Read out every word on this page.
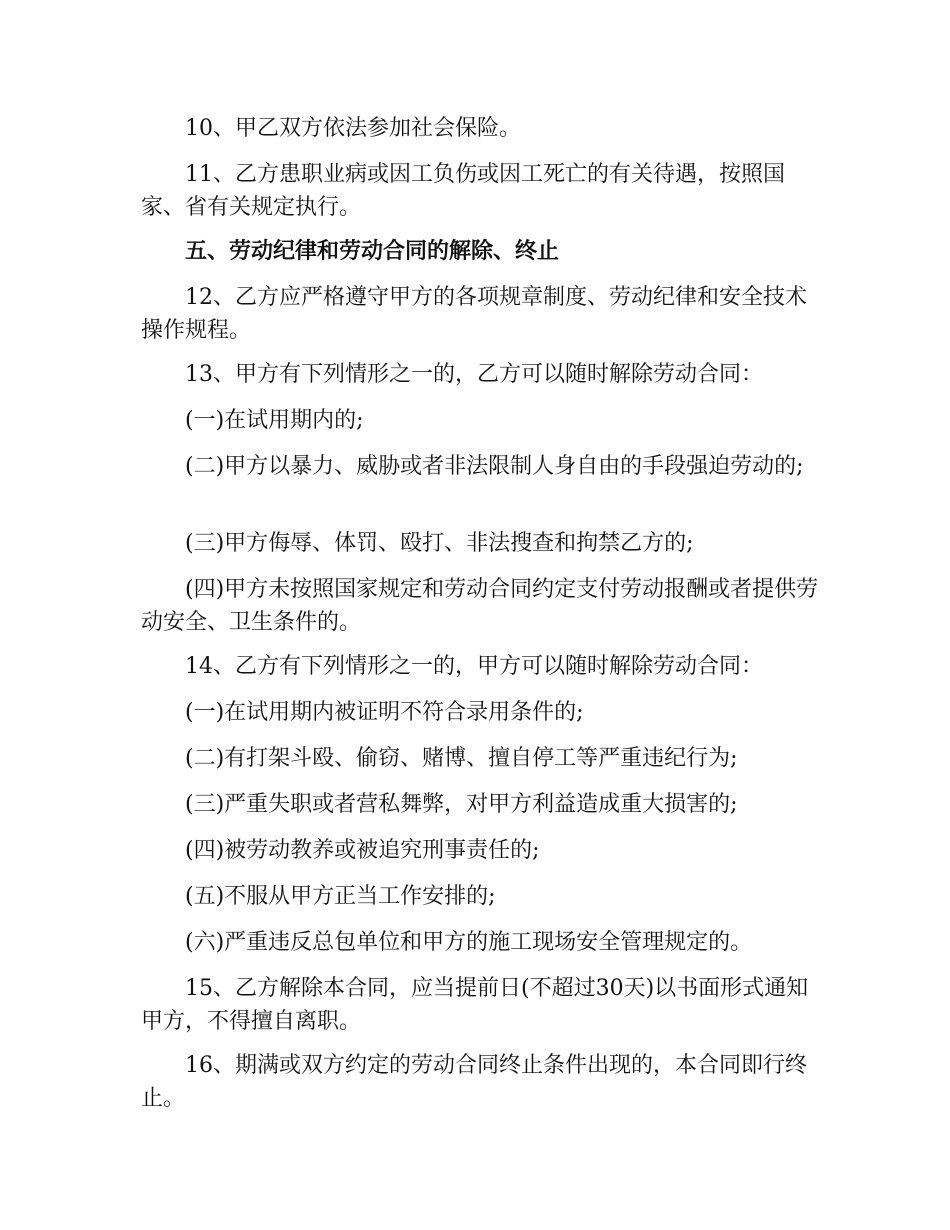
10、甲乙双方依法参加社会保险。

11、乙方患职业病或因工负伤或因工死亡的有关待遇，按照国家、省有关规定执行。

五、劳动纪律和劳动合同的解除、终止

12、乙方应严格遵守甲方的各项规章制度、劳动纪律和安全技术操作规程。

13、甲方有下列情形之一的，乙方可以随时解除劳动合同：

(一)在试用期内的;

(二)甲方以暴力、威胁或者非法限制人身自由的手段强迫劳动的;

(三)甲方侮辱、体罚、殴打、非法搜查和拘禁乙方的;

(四)甲方未按照国家规定和劳动合同约定支付劳动报酬或者提供劳动安全、卫生条件的。

14、乙方有下列情形之一的，甲方可以随时解除劳动合同：

(一)在试用期内被证明不符合录用条件的;

(二)有打架斗殴、偷窃、赌博、擅自停工等严重违纪行为;

(三)严重失职或者营私舞弊，对甲方利益造成重大损害的;

(四)被劳动教养或被追究刑事责任的;

(五)不服从甲方正当工作安排的;

(六)严重违反总包单位和甲方的施工现场安全管理规定的。

15、乙方解除本合同，应当提前日(不超过30天)以书面形式通知甲方，不得擅自离职。

16、期满或双方约定的劳动合同终止条件出现的，本合同即行终止。
